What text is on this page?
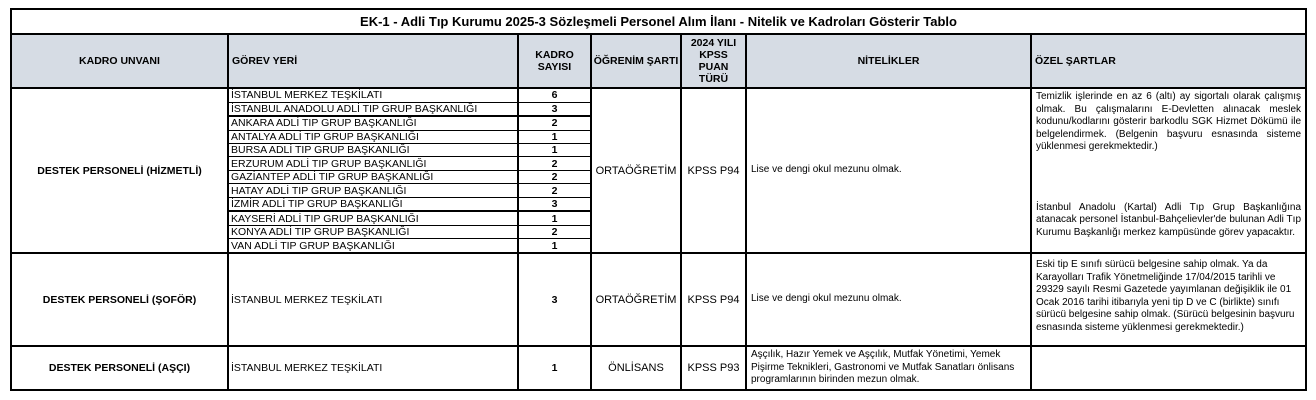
EK-1 - Adli Tıp Kurumu 2025-3 Sözleşmeli Personel Alım İlanı - Nitelik ve Kadroları Gösterir Tablo						
KADRO UNVANI	GÖREV YERİ	KADRO SAYISI	ÖĞRENİM ŞARTI	2024 YILI KPSS PUAN TÜRÜ	NİTELİKLER	ÖZEL ŞARTLAR
DESTEK PERSONELİ (HİZMETLİ)	İSTANBUL MERKEZ TEŞKİLATI	6	ORTAÖĞRETİM	KPSS P94	Lise ve dengi okul mezunu olmak.	Temizlik işlerinde en az 6 (altı) ay sigortalı olarak çalışmış olmak. Bu çalışmalarını E-Devletten alınacak meslek kodunu/kodlarını gösterir barkodlu SGK Hizmet Dökümü ile belgelendirmek. (Belgenin başvuru esnasında sisteme yüklenmesi gerekmektedir.)
İstanbul Anadolu (Kartal) Adli Tıp Grup Başkanlığına atanacak personel İstanbul-Bahçelievler'de bulunan Adli Tıp Kurumu Başkanlığı merkez kampüsünde görev yapacaktır.

	İSTANBUL ANADOLU ADLİ TIP GRUP BAŞKANLIĞI	3				
	ANKARA ADLİ TIP GRUP BAŞKANLIĞI	2				
	ANTALYA ADLİ TIP GRUP BAŞKANLIĞI	1				
	BURSA ADLİ TIP GRUP BAŞKANLIĞI	1				
	ERZURUM ADLİ TIP GRUP BAŞKANLIĞI	2				
	GAZİANTEP ADLİ TIP GRUP BAŞKANLIĞI	2				
	HATAY ADLİ TIP GRUP BAŞKANLIĞI	2				
	İZMİR ADLİ TIP GRUP BAŞKANLIĞI	3				
	KAYSERİ ADLİ TIP GRUP BAŞKANLIĞI	1				
	KONYA ADLİ TIP GRUP BAŞKANLIĞI	2				
	VAN ADLİ TIP GRUP BAŞKANLIĞI	1				
DESTEK PERSONELİ (ŞOFÖR)	İSTANBUL MERKEZ TEŞKİLATI	3	ORTAÖĞRETİM	KPSS P94	Lise ve dengi okul mezunu olmak.	Eski tip E sınıfı sürücü belgesine sahip olmak. Ya da Karayolları Trafik Yönetmeliğinde 17/04/2015 tarihli ve 29329 sayılı Resmi Gazetede yayımlanan değişiklik ile 01 Ocak 2016 tarihi itibarıyla yeni tip D ve C (birlikte) sınıfı sürücü belgesine sahip olmak. (Sürücü belgesinin başvuru esnasında sisteme yüklenmesi gerekmektedir.)
DESTEK PERSONELİ (AŞÇI)	İSTANBUL MERKEZ TEŞKİLATI	1	ÖNLİSANS	KPSS P93	Aşçılık, Hazır Yemek ve Aşçılık, Mutfak Yönetimi, Yemek Pişirme Teknikleri, Gastronomi ve Mutfak Sanatları önlisans programlarının birinden mezun olmak.	
